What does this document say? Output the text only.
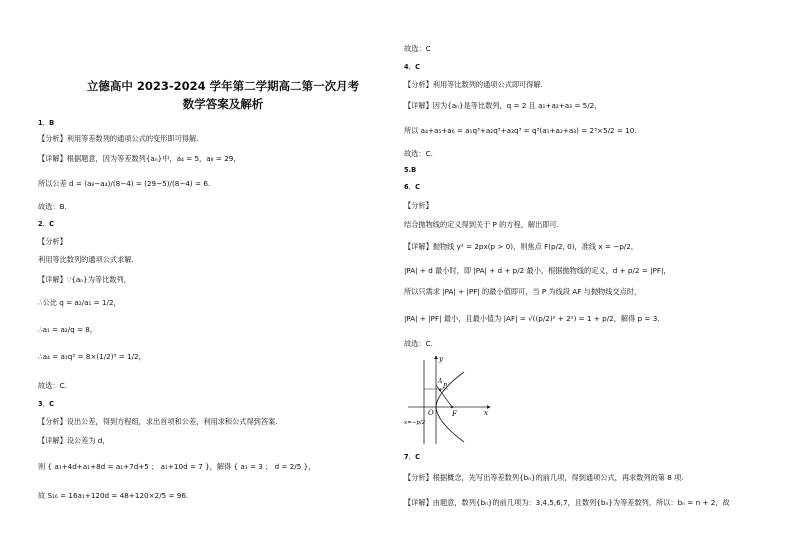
立德高中 2023-2024 学年第二学期高二第一次月考
数学答案及解析
1．B
【分析】利用等差数列的通项公式的变形即可得解.
【详解】根据题意，因为等差数列{aₙ}中，a₄ = 5，a₈ = 29，
所以公差 d = (a₈−a₄)/(8−4) = (29−5)/(8−4) = 6.
故选：B.
2．C
【分析】
利用等比数列的通项公式求解.
【详解】∵{aₙ}为等比数列，
∴公比 q = a₂/a₁ = 1/2，
∴a₁ = a₂/q = 8，
∴a₄ = a₁q³ = 8×(1/2)³ = 1/2，
故选：C.
3．C
【分析】设出公差，得到方程组，求出首项和公差，利用求和公式得到答案.
【详解】设公差为 d，
则 { a₁+4d+a₁+8d = a₁+7d+5 ； a₁+10d = 7 }，解得 { a₁ = 3 ； d = 2/5 }，
故 S₁₆ = 16a₁+120d = 48+120×2/5 = 96.
故选：C
4．C
【分析】利用等比数列的通项公式即可得解.
【详解】因为{aₙ}是等比数列，q = 2 且 a₁+a₂+a₃ = 5/2，
所以 a₄+a₅+a₆ = a₁q³+a₂q³+a₃q³ = q³(a₁+a₂+a₃) = 2³×5/2 = 10.
故选：C.
5.B
6．C
【分析】
结合抛物线的定义得到关于 P 的方程，解出即可.
【详解】抛物线 y² = 2px(p > 0)，则焦点 F(p/2, 0)，准线 x = −p/2，
|PA| + d 最小时，即 |PA| + d + p/2 最小，根据抛物线的定义，d + p/2 = |PF|，
所以只需求 |PA| + |PF| 的最小值即可，当 P 为线段 AF 与抛物线交点时，
|PA| + |PF| 最小，且最小值为 |AF| = √((p/2)² + 2²) = 1 + p/2，解得 p = 3.
故选：C.
y
x
O	F
A
P
x=−p/2
7．C
【分析】根据概念，先写出等差数列{bₙ}的前几项，得到通项公式，再求数列的第 8 项.
【详解】由题意，数列{bₙ}的前几项为：3,4,5,6,7，且数列{bₙ}为等差数列，所以：bₙ = n + 2，故
